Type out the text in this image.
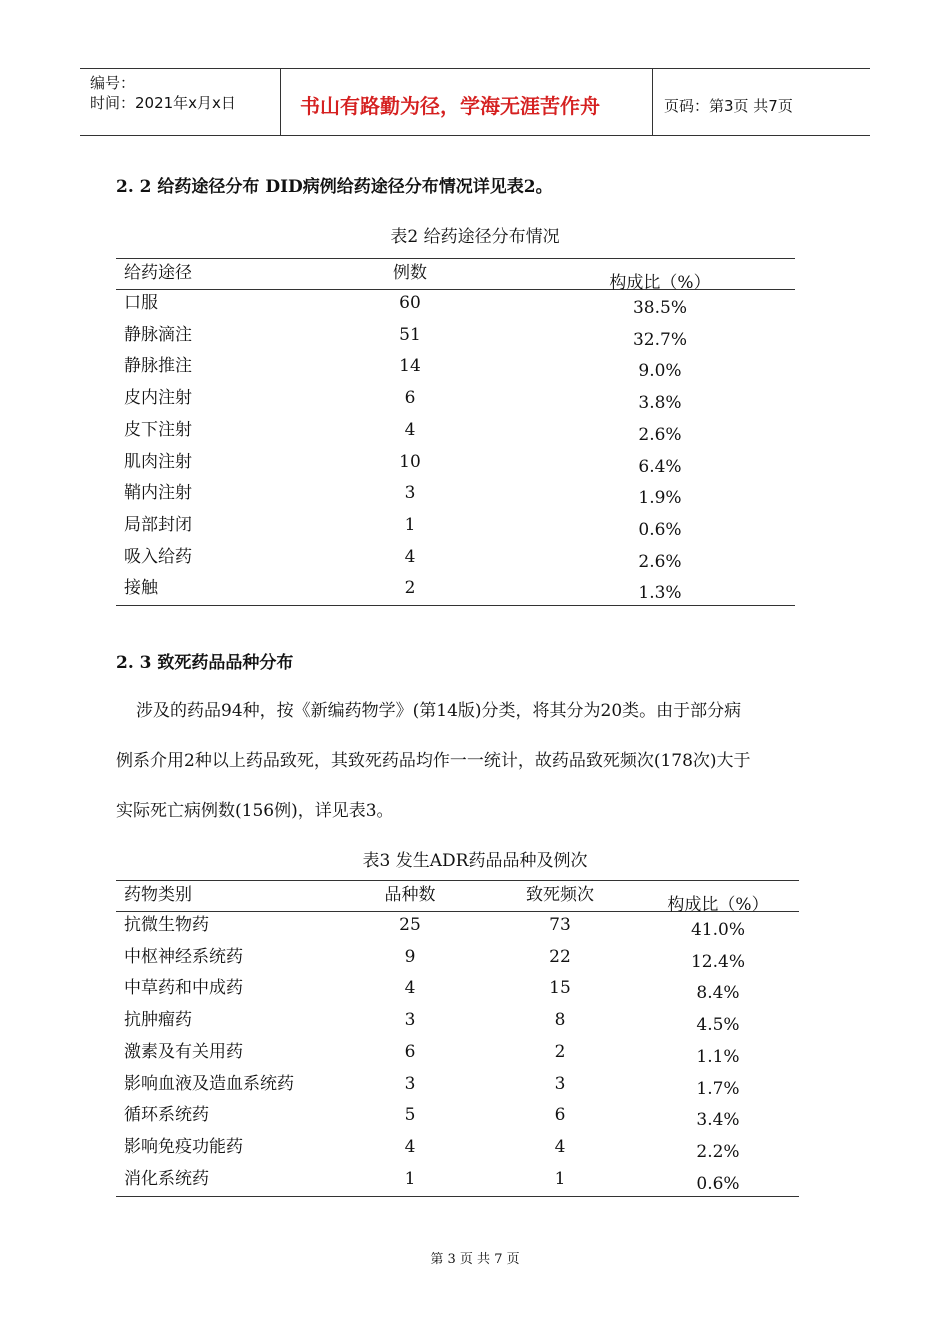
编号：
时间：2021年x月x日	书山有路勤为径，学海无涯苦作舟	页码：第3页 共7页
2. 2 给药途径分布 DID病例给药途径分布情况详见表2。
表2 给药途径分布情况
给药途径	例数	构成比（%）
口服	60	38.5%
静脉滴注	51	32.7%
静脉推注	14	9.0%
皮内注射	6	3.8%
皮下注射	4	2.6%
肌肉注射	10	6.4%
鞘内注射	3	1.9%
局部封闭	1	0.6%
吸入给药	4	2.6%
接触	2	1.3%
2. 3 致死药品品种分布
涉及的药品94种，按《新编药物学》(第14版)分类，将其分为20类。由于部分病
例系介用2种以上药品致死，其致死药品均作一一统计，故药品致死频次(178次)大于
实际死亡病例数(156例)，详见表3。
表3 发生ADR药品品种及例次
药物类别	品种数	致死频次	构成比（%）
抗微生物药	25	73	41.0%
中枢神经系统药	9	22	12.4%
中草药和中成药	4	15	8.4%
抗肿瘤药	3	8	4.5%
激素及有关用药	6	2	1.1%
影响血液及造血系统药	3	3	1.7%
循环系统药	5	6	3.4%
影响免疫功能药	4	4	2.2%
消化系统药	1	1	0.6%
第 3 页 共 7 页
